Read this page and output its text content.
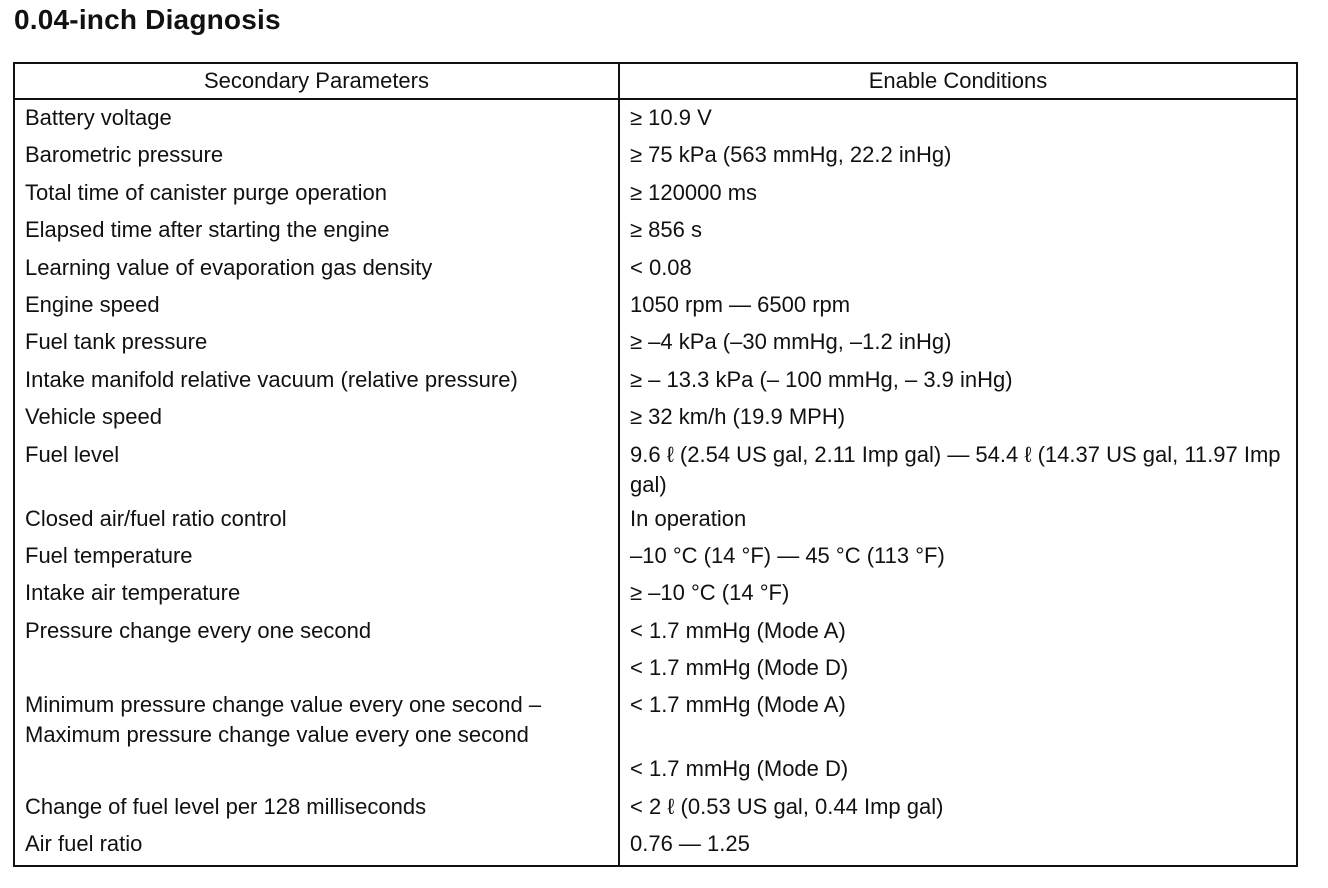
0.04-inch Diagnosis
Secondary Parameters	Enable Conditions
Battery voltage	≥ 10.9 V
Barometric pressure	≥ 75 kPa (563 mmHg, 22.2 inHg)
Total time of canister purge operation	≥ 120000 ms
Elapsed time after starting the engine	≥ 856 s
Learning value of evaporation gas density	< 0.08
Engine speed	1050 rpm — 6500 rpm
Fuel tank pressure	≥ –4 kPa (–30 mmHg, –1.2 inHg)
Intake manifold relative vacuum (relative pressure)	≥ – 13.3 kPa (– 100 mmHg, – 3.9 inHg)
Vehicle speed	≥ 32 km/h (19.9 MPH)
Fuel level	9.6 ℓ (2.54 US gal, 2.11 Imp gal) — 54.4 ℓ (14.37 US gal, 11.97 Imp gal)
Closed air/fuel ratio control	In operation
Fuel temperature	–10 °C (14 °F) — 45 °C (113 °F)
Intake air temperature	≥ –10 °C (14 °F)
Pressure change every one second	< 1.7 mmHg (Mode A)
	< 1.7 mmHg (Mode D)
Minimum pressure change value every one second – Maximum pressure change value every one second	< 1.7 mmHg (Mode A)
	< 1.7 mmHg (Mode D)
Change of fuel level per 128 milliseconds	< 2 ℓ (0.53 US gal, 0.44 Imp gal)
Air fuel ratio	0.76 — 1.25
